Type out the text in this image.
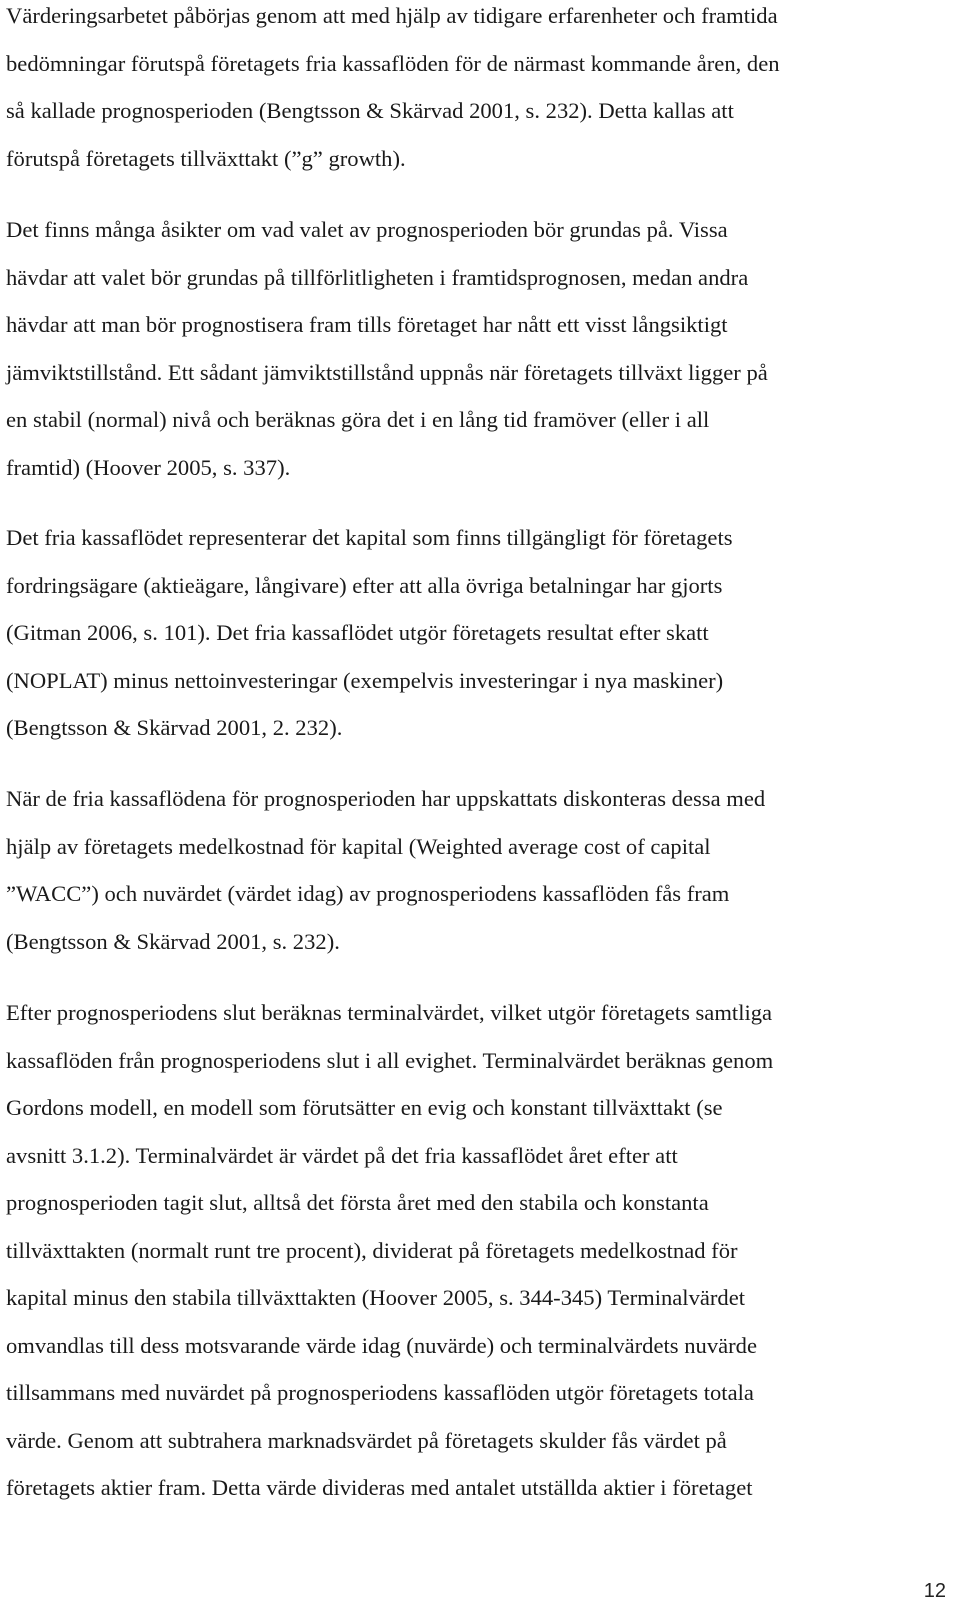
Värderingsarbetet påbörjas genom att med hjälp av tidigare erfarenheter och framtida
bedömningar förutspå företagets fria kassaflöden för de närmast kommande åren, den
så kallade prognosperioden (Bengtsson & Skärvad 2001, s. 232). Detta kallas att
förutspå företagets tillväxttakt (”g” growth).

Det finns många åsikter om vad valet av prognosperioden bör grundas på. Vissa
hävdar att valet bör grundas på tillförlitligheten i framtidsprognosen, medan andra
hävdar att man bör prognostisera fram tills företaget har nått ett visst långsiktigt
jämviktstillstånd. Ett sådant jämviktstillstånd uppnås när företagets tillväxt ligger på
en stabil (normal) nivå och beräknas göra det i en lång tid framöver (eller i all
framtid) (Hoover 2005, s. 337).

Det fria kassaflödet representerar det kapital som finns tillgängligt för företagets
fordringsägare (aktieägare, långivare) efter att alla övriga betalningar har gjorts
(Gitman 2006, s. 101). Det fria kassaflödet utgör företagets resultat efter skatt
(NOPLAT) minus nettoinvesteringar (exempelvis investeringar i nya maskiner)
(Bengtsson & Skärvad 2001, 2. 232).

När de fria kassaflödena för prognosperioden har uppskattats diskonteras dessa med
hjälp av företagets medelkostnad för kapital (Weighted average cost of capital
”WACC”) och nuvärdet (värdet idag) av prognosperiodens kassaflöden fås fram
(Bengtsson & Skärvad 2001, s. 232).

Efter prognosperiodens slut beräknas terminalvärdet, vilket utgör företagets samtliga
kassaflöden från prognosperiodens slut i all evighet. Terminalvärdet beräknas genom
Gordons modell, en modell som förutsätter en evig och konstant tillväxttakt (se
avsnitt 3.1.2). Terminalvärdet är värdet på det fria kassaflödet året efter att
prognosperioden tagit slut, alltså det första året med den stabila och konstanta
tillväxttakten (normalt runt tre procent), dividerat på företagets medelkostnad för
kapital minus den stabila tillväxttakten (Hoover 2005, s. 344-345) Terminalvärdet
omvandlas till dess motsvarande värde idag (nuvärde) och terminalvärdets nuvärde
tillsammans med nuvärdet på prognosperiodens kassaflöden utgör företagets totala
värde. Genom att subtrahera marknadsvärdet på företagets skulder fås värdet på
företagets aktier fram. Detta värde divideras med antalet utställda aktier i företaget

12
